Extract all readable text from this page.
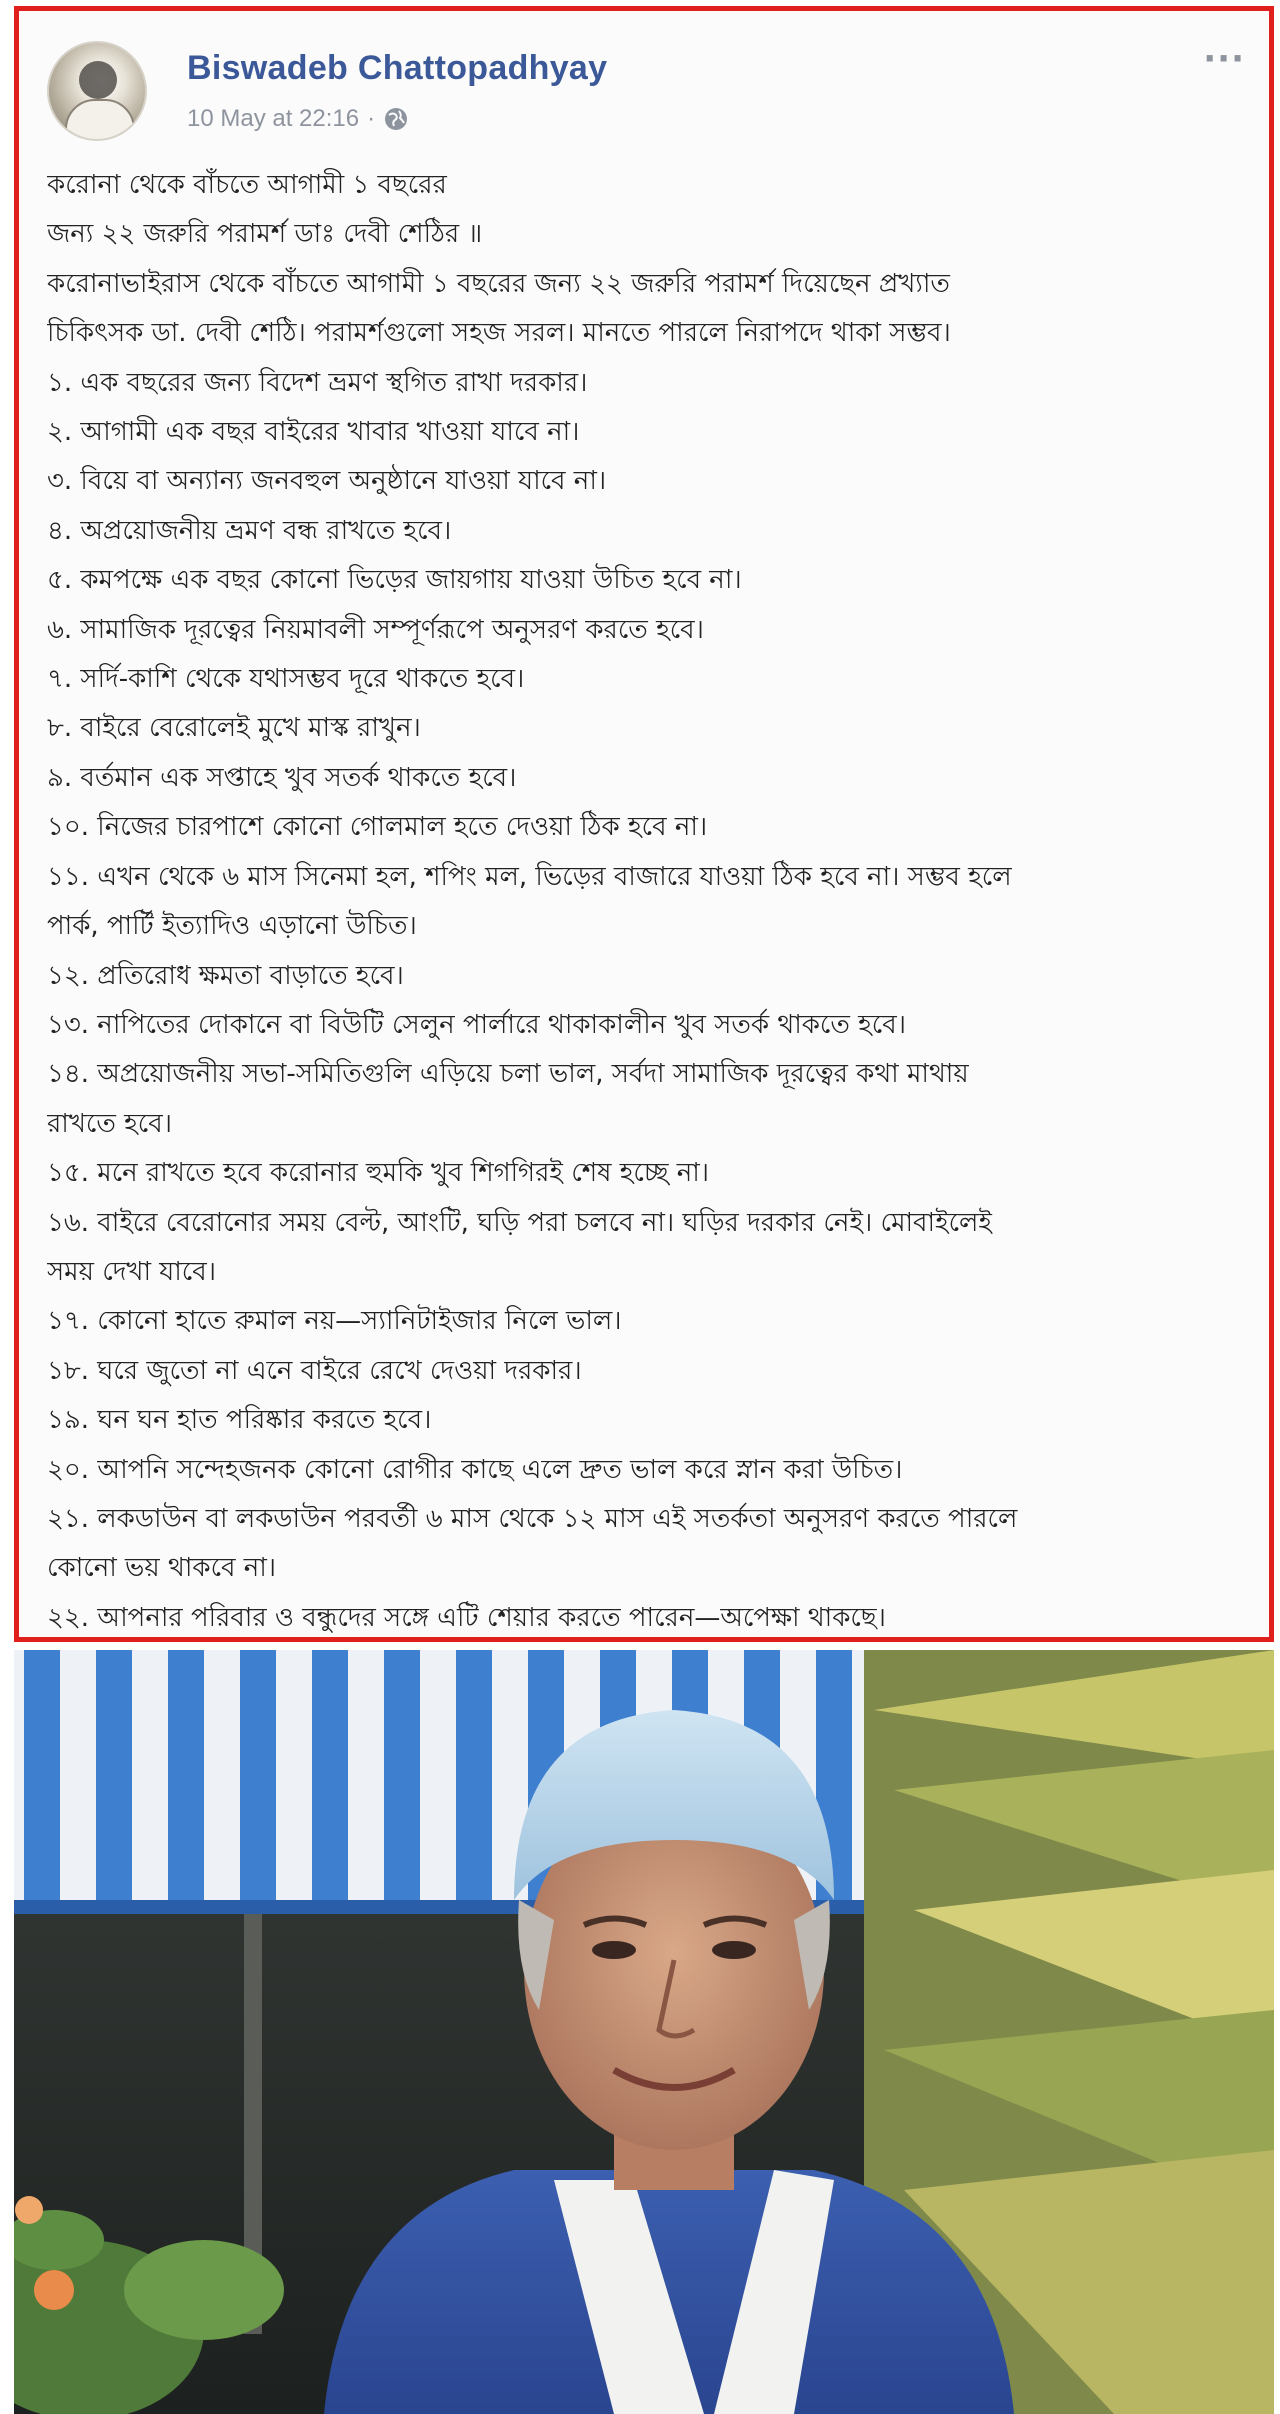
Biswadeb Chattopadhyay
10 May at 22:16 ·
···
করোনা থেকে বাঁচতে আগামী ১ বছরের
জন্য ২২ জরুরি পরামর্শ ডাঃ দেবী শেঠির ॥
করোনাভাইরাস থেকে বাঁচতে আগামী ১ বছরের জন্য ২২ জরুরি পরামর্শ দিয়েছেন প্রখ্যাত
চিকিৎসক ডা. দেবী শেঠি। পরামর্শগুলো সহজ সরল। মানতে পারলে নিরাপদে থাকা সম্ভব।
১. এক বছরের জন্য বিদেশ ভ্রমণ স্থগিত রাখা দরকার।
২. আগামী এক বছর বাইরের খাবার খাওয়া যাবে না।
৩. বিয়ে বা অন্যান্য জনবহুল অনুষ্ঠানে যাওয়া যাবে না।
৪. অপ্রয়োজনীয় ভ্রমণ বন্ধ রাখতে হবে।
৫. কমপক্ষে এক বছর কোনো ভিড়ের জায়গায় যাওয়া উচিত হবে না।
৬. সামাজিক দূরত্বের নিয়মাবলী সম্পূর্ণরূপে অনুসরণ করতে হবে।
৭. সর্দি-কাশি থেকে যথাসম্ভব দূরে থাকতে হবে।
৮. বাইরে বেরোলেই মুখে মাস্ক রাখুন।
৯. বর্তমান এক সপ্তাহে খুব সতর্ক থাকতে হবে।
১০. নিজের চারপাশে কোনো গোলমাল হতে দেওয়া ঠিক হবে না।
১১. এখন থেকে ৬ মাস সিনেমা হল, শপিং মল, ভিড়ের বাজারে যাওয়া ঠিক হবে না। সম্ভব হলে
পার্ক, পার্টি ইত্যাদিও এড়ানো উচিত।
১২. প্রতিরোধ ক্ষমতা বাড়াতে হবে।
১৩. নাপিতের দোকানে বা বিউটি সেলুন পার্লারে থাকাকালীন খুব সতর্ক থাকতে হবে।
১৪. অপ্রয়োজনীয় সভা-সমিতিগুলি এড়িয়ে চলা ভাল, সর্বদা সামাজিক দূরত্বের কথা মাথায়
রাখতে হবে।
১৫. মনে রাখতে হবে করোনার হুমকি খুব শিগগিরই শেষ হচ্ছে না।
১৬. বাইরে বেরোনোর সময় বেল্ট, আংটি, ঘড়ি পরা চলবে না। ঘড়ির দরকার নেই। মোবাইলেই
সময় দেখা যাবে।
১৭. কোনো হাতে রুমাল নয়—স্যানিটাইজার নিলে ভাল।
১৮. ঘরে জুতো না এনে বাইরে রেখে দেওয়া দরকার।
১৯. ঘন ঘন হাত পরিষ্কার করতে হবে।
২০. আপনি সন্দেহজনক কোনো রোগীর কাছে এলে দ্রুত ভাল করে স্নান করা উচিত।
২১. লকডাউন বা লকডাউন পরবর্তী ৬ মাস থেকে ১২ মাস এই সতর্কতা অনুসরণ করতে পারলে
কোনো ভয় থাকবে না।
২২. আপনার পরিবার ও বন্ধুদের সঙ্গে এটি শেয়ার করতে পারেন—অপেক্ষা থাকছে।
